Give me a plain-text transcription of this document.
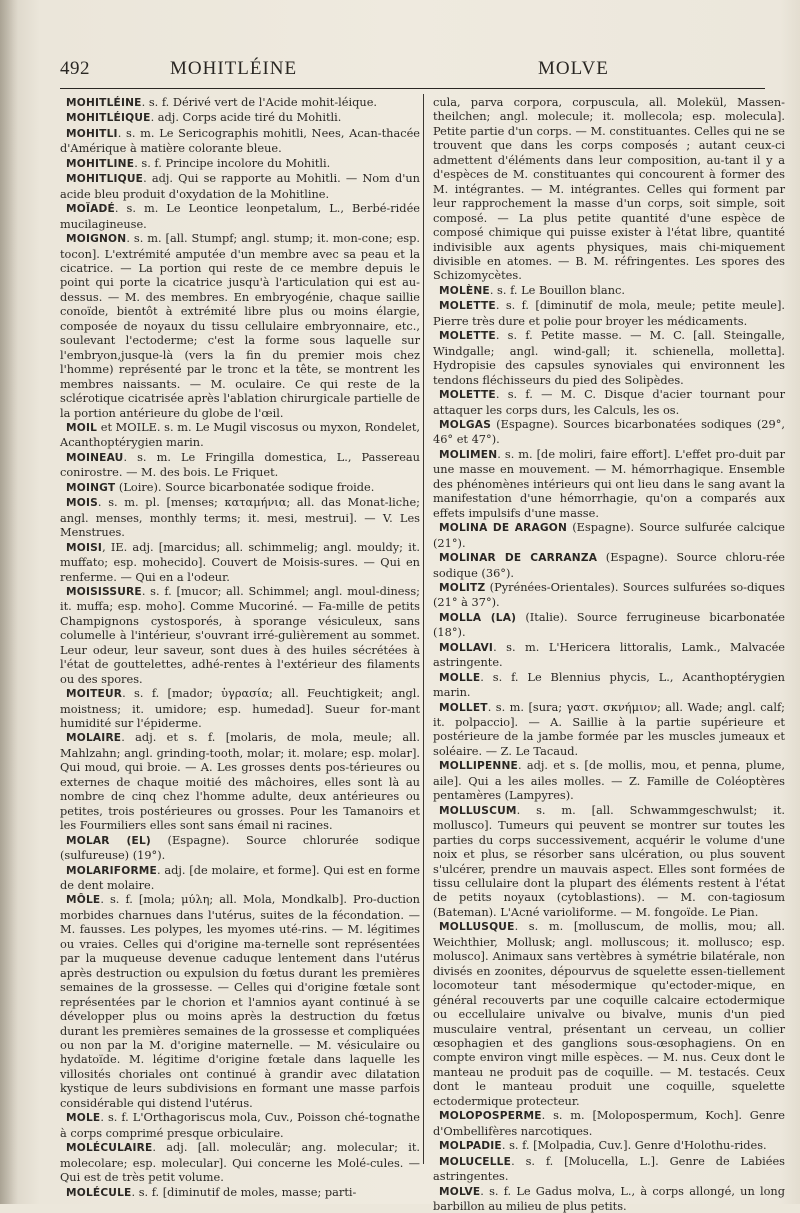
492	MOHITLÉINE	MOLVE

MOHITLÉINE. s. f. Dérivé vert de l'Acide mohit-léique.

MOHITLÉIQUE. adj. Corps acide tiré du Mohitli.

MOHITLI. s. m. Le Sericographis mohitli, Nees, Acan-thacée d'Amérique à matière colorante bleue.

MOHITLINE. s. f. Principe incolore du Mohitli.

MOHITLIQUE. adj. Qui se rapporte au Mohitli. — Nom d'un acide bleu produit d'oxydation de la Mohitline.

MOÏADÉ. s. m. Le Leontice leonpetalum, L., Berbé-ridée mucilagineuse.

MOIGNON. s. m. [all. Stumpf; angl. stump; it. mon-cone; esp. tocon]. L'extrémité amputée d'un membre avec sa peau et la cicatrice. — La portion qui reste de ce membre depuis le point qui porte la cicatrice jusqu'à l'articulation qui est au-dessus. — M. des membres. En embryogénie, chaque saillie conoïde, bientôt à extrémité libre plus ou moins élargie, composée de noyaux du tissu cellulaire embryonnaire, etc., soulevant l'ectoderme; c'est la forme sous laquelle sur l'embryon,jusque-là (vers la fin du premier mois chez l'homme) représenté par le tronc et la tête, se montrent les membres naissants. — M. oculaire. Ce qui reste de la sclérotique cicatrisée après l'ablation chirurgicale partielle de la portion antérieure du globe de l'œil.

MOIL et MOILE. s. m. Le Mugil viscosus ou myxon, Rondelet, Acanthoptérygien marin.

MOINEAU. s. m. Le Fringilla domestica, L., Passereau conirostre. — M. des bois. Le Friquet.

MOINGT (Loire). Source bicarbonatée sodique froide.

MOIS. s. m. pl. [menses; καταμήνια; all. das Monat-liche; angl. menses, monthly terms; it. mesi, mestrui]. — V. Les Menstrues.

MOISI, IE. adj. [marcidus; all. schimmelig; angl. mouldy; it. muffato; esp. mohecido]. Couvert de Moisis-sures. — Qui en renferme. — Qui en a l'odeur.

MOISISSURE. s. f. [mucor; all. Schimmel; angl. moul-diness; it. muffa; esp. moho]. Comme Mucoriné. — Fa-mille de petits Champignons cystosporés, à sporange vésiculeux, sans columelle à l'intérieur, s'ouvrant irré-gulièrement au sommet. Leur odeur, leur saveur, sont dues à des huiles sécrétées à l'état de gouttelettes, adhé-rentes à l'extérieur des filaments ou des spores.

MOITEUR. s. f. [mador; ὑγρασία; all. Feuchtigkeit; angl. moistness; it. umidore; esp. humedad]. Sueur for-mant humidité sur l'épiderme.

MOLAIRE. adj. et s. f. [molaris, de mola, meule; all. Mahlzahn; angl. grinding-tooth, molar; it. molare; esp. molar]. Qui moud, qui broie. — A. Les grosses dents pos-térieures ou externes de chaque moitié des mâchoires, elles sont là au nombre de cinq chez l'homme adulte, deux antérieures ou petites, trois postérieures ou grosses. Pour les Tamanoirs et les Fourmiliers elles sont sans émail ni racines.

MOLAR (EL) (Espagne). Source chlorurée sodique (sulfureuse) (19°).

MOLARIFORME. adj. [de molaire, et forme]. Qui est en forme de dent molaire.

MÔLE. s. f. [mola; μύλη; all. Mola, Mondkalb]. Pro-duction morbides charnues dans l'utérus, suites de la fécondation. — M. fausses. Les polypes, les myomes uté-rins. — M. légitimes ou vraies. Celles qui d'origine ma-ternelle sont représentées par la muqueuse devenue caduque lentement dans l'utérus après destruction ou expulsion du fœtus durant les premières semaines de la grossesse. — Celles qui d'origine fœtale sont représentées par le chorion et l'amnios ayant continué à se développer plus ou moins après la destruction du fœtus durant les premières semaines de la grossesse et compliquées ou non par la M. d'origine maternelle. — M. vésiculaire ou hydatoïde. M. légitime d'origine fœtale dans laquelle les villosités choriales ont continué à grandir avec dilatation kystique de leurs subdivisions en formant une masse parfois considérable qui distend l'utérus.

MOLE. s. f. L'Orthagoriscus mola, Cuv., Poisson ché-tognathe à corps comprimé presque orbiculaire.

MOLÉCULAIRE. adj. [all. moleculär; ang. molecular; it. molecolare; esp. molecular]. Qui concerne les Molé-cules. — Qui est de très petit volume.

MOLÉCULE. s. f. [diminutif de moles, masse; parti-

cula, parva corpora, corpuscula, all. Molekül, Massen-theilchen; angl. molecule; it. mollecola; esp. molecula]. Petite partie d'un corps. — M. constituantes. Celles qui ne se trouvent que dans les corps composés ; autant ceux-ci admettent d'éléments dans leur composition, au-tant il y a d'espèces de M. constituantes qui concourent à former des M. intégrantes. — M. intégrantes. Celles qui forment par leur rapprochement la masse d'un corps, soit simple, soit composé. — La plus petite quantité d'une espèce de composé chimique qui puisse exister à l'état libre, quantité indivisible aux agents physiques, mais chi-miquement divisible en atomes. — B. M. réfringentes. Les spores des Schizomycètes.

MOLÈNE. s. f. Le Bouillon blanc.

MOLETTE. s. f. [diminutif de mola, meule; petite meule]. Pierre très dure et polie pour broyer les médicaments.

MOLETTE. s. f. Petite masse. — M. C. [all. Steingalle, Windgalle; angl. wind-gall; it. schienella, molletta]. Hydropisie des capsules synoviales qui environnent les tendons fléchisseurs du pied des Solipèdes.

MOLETTE. s. f. — M. C. Disque d'acier tournant pour attaquer les corps durs, les Calculs, les os.

MOLGAS (Espagne). Sources bicarbonatées sodiques (29°, 46° et 47°).

MOLIMEN. s. m. [de moliri, faire effort]. L'effet pro-duit par une masse en mouvement. — M. hémorrhagique. Ensemble des phénomènes intérieurs qui ont lieu dans le sang avant la manifestation d'une hémorrhagie, qu'on a comparés aux effets impulsifs d'une masse.

MOLINA DE ARAGON (Espagne). Source sulfurée calcique (21°).

MOLINAR DE CARRANZA (Espagne). Source chloru-rée sodique (36°).

MOLITZ (Pyrénées-Orientales). Sources sulfurées so-diques (21° à 37°).

MOLLA (LA) (Italie). Source ferrugineuse bicarbonatée (18°).

MOLLAVI. s. m. L'Hericera littoralis, Lamk., Malvacée astringente.

MOLLE. s. f. Le Blennius phycis, L., Acanthoptérygien marin.

MOLLET. s. m. [sura; γαστ. σκνήμιον; all. Wade; angl. calf; it. polpaccio]. — A. Saillie à la partie supérieure et postérieure de la jambe formée par les muscles jumeaux et soléaire. — Z. Le Tacaud.

MOLLIPENNE. adj. et s. [de mollis, mou, et penna, plume, aile]. Qui a les ailes molles. — Z. Famille de Coléoptères pentamères (Lampyres).

MOLLUSCUM. s. m. [all. Schwammgeschwulst; it. mollusco]. Tumeurs qui peuvent se montrer sur toutes les parties du corps successivement, acquérir le volume d'une noix et plus, se résorber sans ulcération, ou plus souvent s'ulcérer, prendre un mauvais aspect. Elles sont formées de tissu cellulaire dont la plupart des éléments restent à l'état de petits noyaux (cytoblastions). — M. con-tagiosum (Bateman). L'Acné varioliforme. — M. fongoïde. Le Pian.

MOLLUSQUE. s. m. [molluscum, de mollis, mou; all. Weichthier, Mollusk; angl. molluscous; it. mollusco; esp. molusco]. Animaux sans vertèbres à symétrie bilatérale, non divisés en zoonites, dépourvus de squelette essen-tiellement locomoteur tant mésodermique qu'ectoder-mique, en général recouverts par une coquille calcaire ectodermique ou eccellulaire univalve ou bivalve, munis d'un pied musculaire ventral, présentant un cerveau, un collier œsophagien et des ganglions sous-œsophagiens. On en compte environ vingt mille espèces. — M. nus. Ceux dont le manteau ne produit pas de coquille. — M. testacés. Ceux dont le manteau produit une coquille, squelette ectodermique protecteur.

MOLOPOSPERME. s. m. [Molopospermum, Koch]. Genre d'Ombellifères narcotiques.

MOLPADIE. s. f. [Molpadia, Cuv.]. Genre d'Holothu-rides.

MOLUCELLE. s. f. [Molucella, L.]. Genre de Labiées astringentes.

MOLVE. s. f. Le Gadus molva, L., à corps allongé, un long barbillon au milieu de plus petits.
